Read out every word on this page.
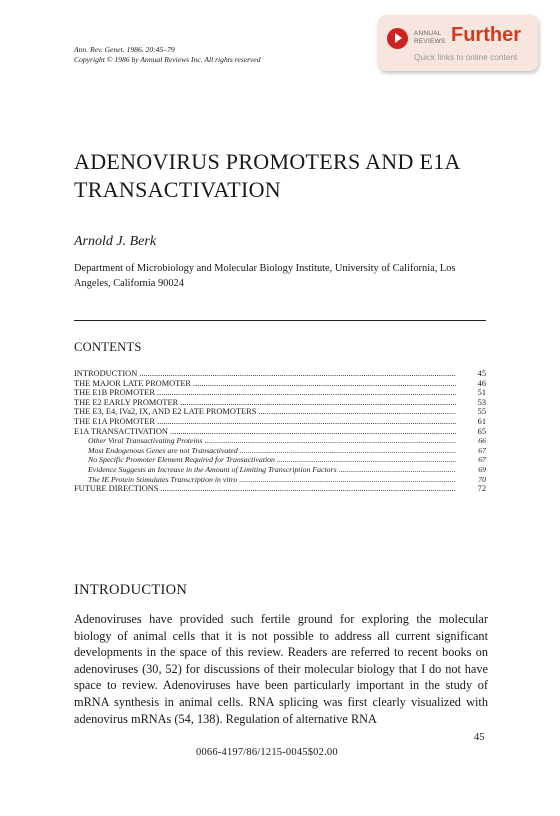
Ann. Rev. Genet. 1986. 20:45–79
Copyright © 1986 by Annual Reviews Inc. All rights reserved
ANNUAL
REVIEWS Further
Quick links to online content
ADENOVIRUS PROMOTERS AND E1A TRANSACTIVATION
Arnold J. Berk
Department of Microbiology and Molecular Biology Institute, University of California, Los Angeles, California 90024
CONTENTS
INTRODUCTION .....	45
THE MAJOR LATE PROMOTER .....	46
THE E1B PROMOTER .....	51
THE E2 EARLY PROMOTER .....	53
THE E3, E4, IVa2, IX, AND E2 LATE PROMOTERS .....	55
THE E1A PROMOTER .....	61
E1A TRANSACTIVATION .....	65
Other Viral Transactivating Proteins .....	66
Most Endogenous Genes are not Transactivated .....	67
No Specific Promoter Element Required for Transactivation .....	67
Evidence Suggests an Increase in the Amount of Limiting Transcription Factors .....	69
The IE Protein Stimulates Transcription in vitro .....	70
FUTURE DIRECTIONS .....	72
INTRODUCTION

Adenoviruses have provided such fertile ground for exploring the molecular biology of animal cells that it is not possible to address all current significant developments in the space of this review. Readers are referred to recent books on adenoviruses (30, 52) for discussions of their molecular biology that I do not have space to review. Adenoviruses have been particularly important in the study of mRNA synthesis in animal cells. RNA splicing was first clearly visualized with adenovirus mRNAs (54, 138). Regulation of alternative RNA

45
0066-4197/86/1215-0045$02.00
